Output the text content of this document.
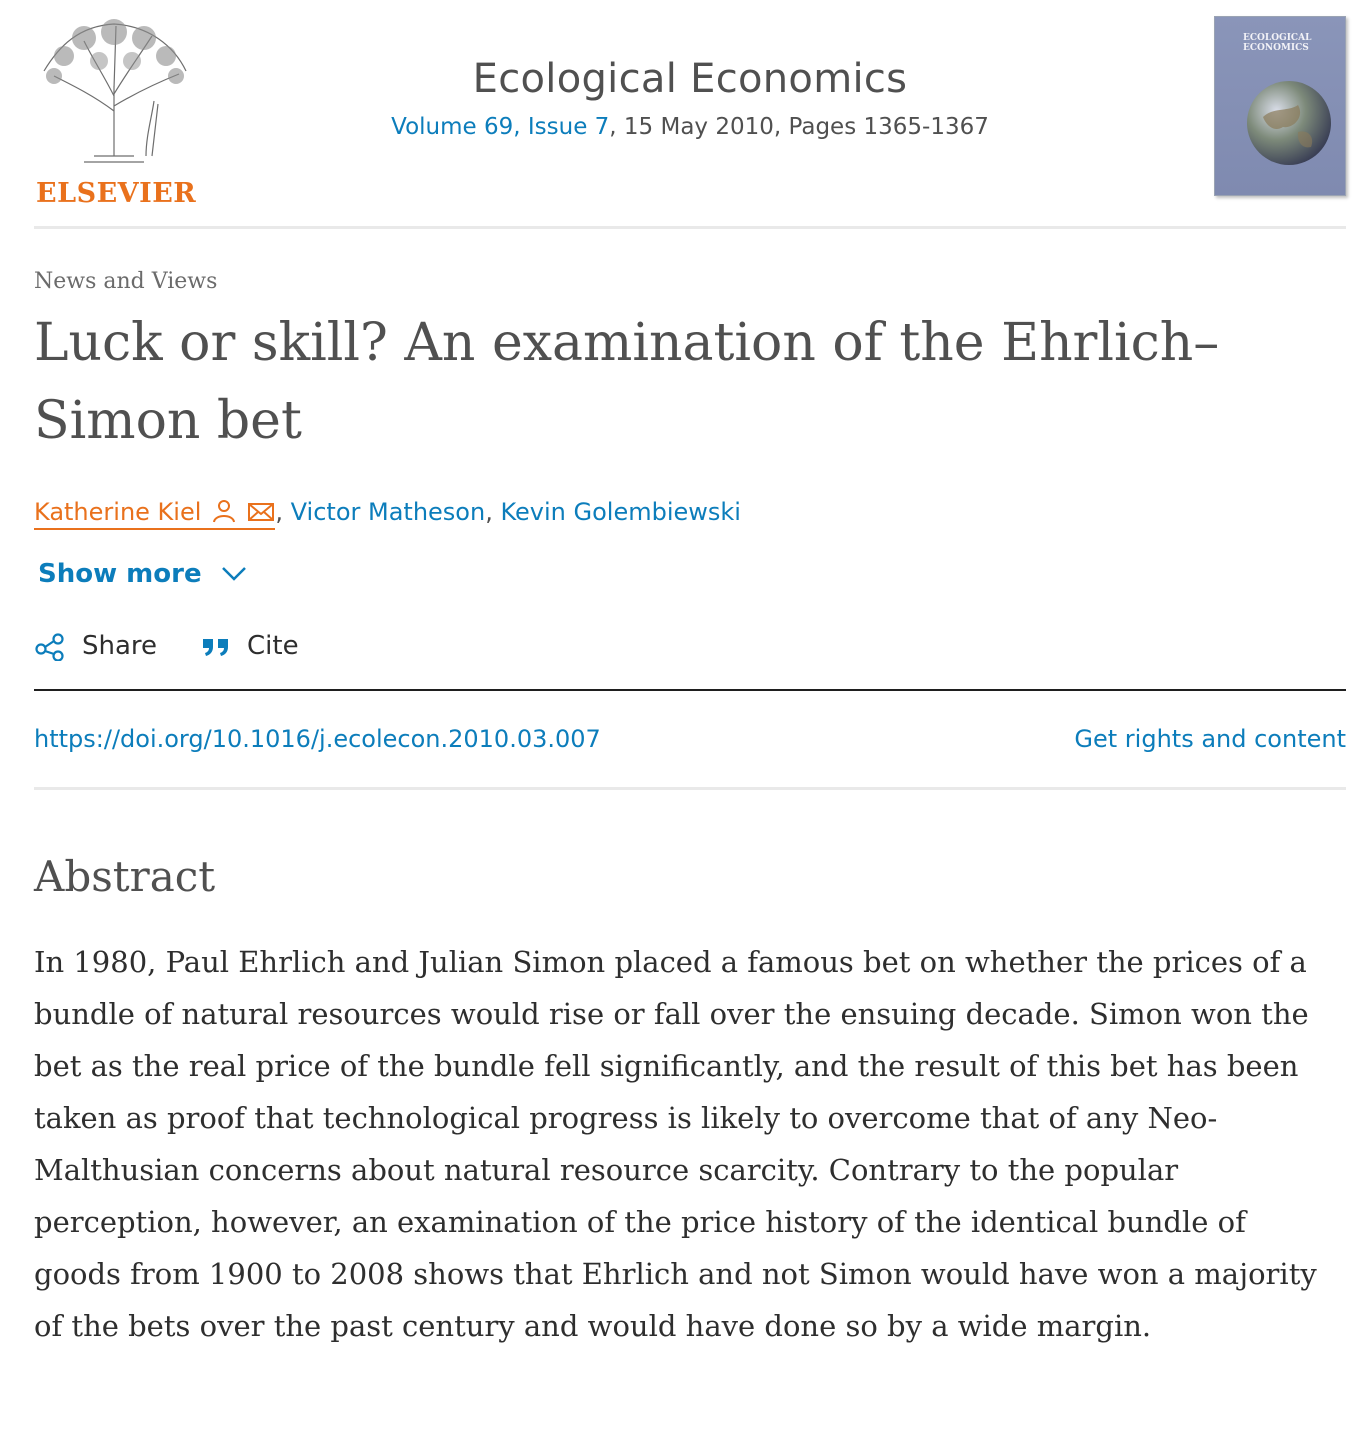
ELSEVIER
Ecological Economics
Volume 69, Issue 7, 15 May 2010, Pages 1365-1367
ECOLOGICAL ECONOMICS
News and Views
Luck or skill? An examination of the Ehrlich–Simon bet
Katherine Kiel	, Victor Matheson, Kevin Golembiewski
Show more
Share	Cite
https://doi.org/10.1016/j.ecolecon.2010.03.007	Get rights and content
Abstract
In 1980, Paul Ehrlich and Julian Simon placed a famous bet on whether the prices of a bundle of natural resources would rise or fall over the ensuing decade. Simon won the bet as the real price of the bundle fell significantly, and the result of this bet has been taken as proof that technological progress is likely to overcome that of any Neo-Malthusian concerns about natural resource scarcity. Contrary to the popular perception, however, an examination of the price history of the identical bundle of goods from 1900 to 2008 shows that Ehrlich and not Simon would have won a majority of the bets over the past century and would have done so by a wide margin.
